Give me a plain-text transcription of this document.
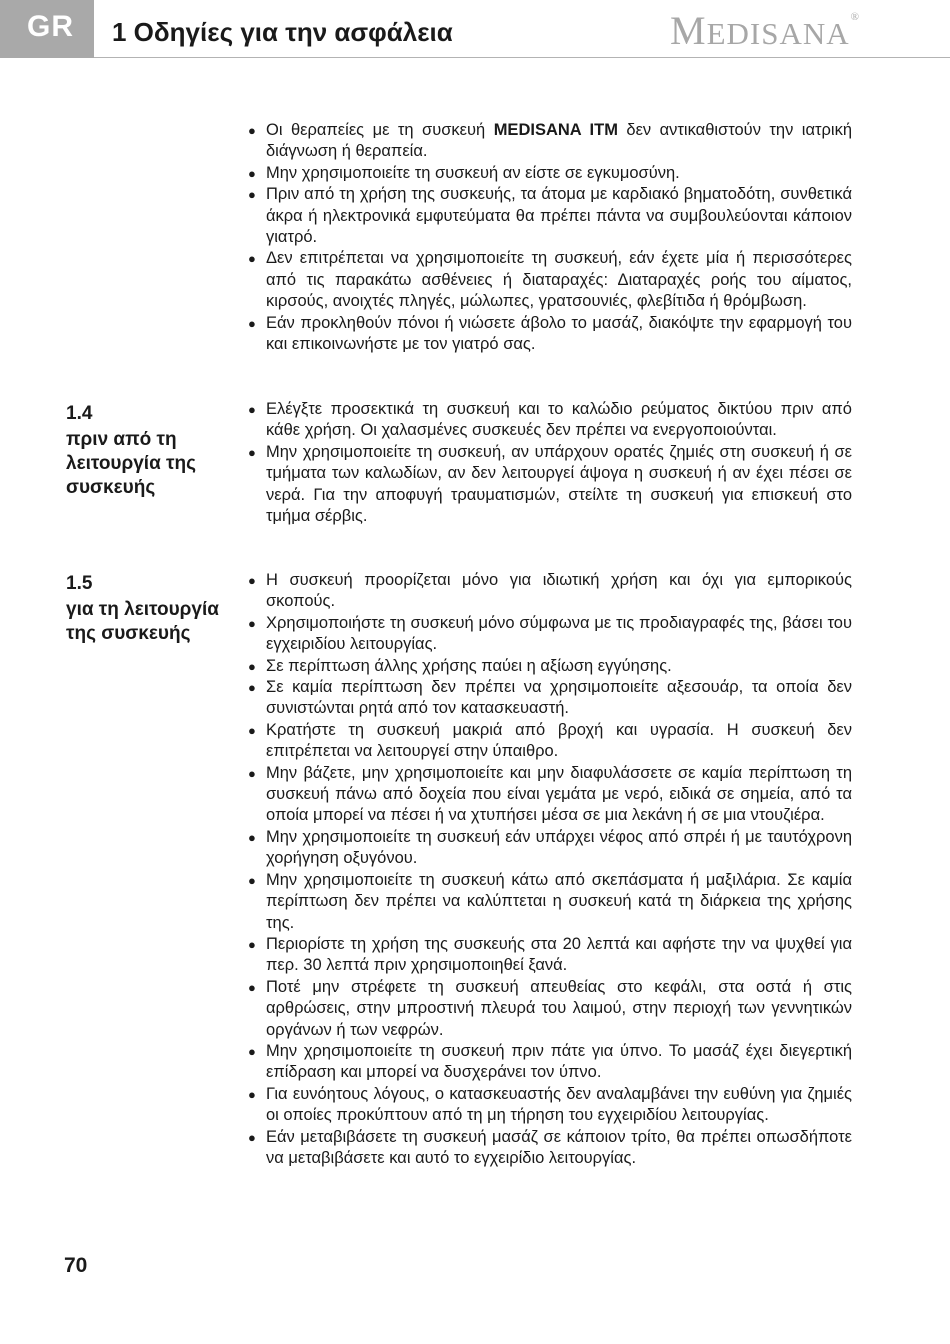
GR	1 Οδηγίες για την ασφάλεια	MEDISANA®
● Οι θεραπείες με τη συσκευή MEDISANA ITM δεν αντικαθιστούν την ιατρική διάγνωση ή θεραπεία.
● Μην χρησιμοποιείτε τη συσκευή αν είστε σε εγκυμοσύνη.
● Πριν από τη χρήση της συσκευής, τα άτομα με καρδιακό βηματοδότη, συνθετικά άκρα ή ηλεκτρονικά εμφυτεύματα θα πρέπει πάντα να συμβουλεύονται κάποιον γιατρό.
● Δεν επιτρέπεται να χρησιμοποιείτε τη συσκευή, εάν έχετε μία ή περισσότερες από τις παρακάτω ασθένειες ή διαταραχές: Διαταραχές ροής του αίματος, κιρσούς, ανοιχτές πληγές, μώλωπες, γρατσουνιές, φλεβίτιδα ή θρόμβωση.
● Εάν προκληθούν πόνοι ή νιώσετε άβολο το μασάζ, διακόψτε την εφαρμογή του και επικοινωνήστε με τον γιατρό σας.
1.4
πριν από τη λειτουργία της συσκευής
● Ελέγξτε προσεκτικά τη συσκευή και το καλώδιο ρεύματος δικτύου πριν από κάθε χρήση. Οι χαλασμένες συσκευές δεν πρέπει να ενεργοποιούνται.
● Μην χρησιμοποιείτε τη συσκευή, αν υπάρχουν ορατές ζημιές στη συσκευή ή σε τμήματα των καλωδίων, αν δεν λειτουργεί άψογα η συσκευή ή αν έχει πέσει σε νερά. Για την αποφυγή τραυματισμών, στείλτε τη συσκευή για επισκευή στο τμήμα σέρβις.
1.5
για τη λειτουργία της συσκευής
● Η συσκευή προορίζεται μόνο για ιδιωτική χρήση και όχι για εμπορικούς σκοπούς.
● Χρησιμοποιήστε τη συσκευή μόνο σύμφωνα με τις προδιαγραφές της, βάσει του εγχειριδίου λειτουργίας.
● Σε περίπτωση άλλης χρήσης παύει η αξίωση εγγύησης.
● Σε καμία περίπτωση δεν πρέπει να χρησιμοποιείτε αξεσουάρ, τα οποία δεν συνιστώνται ρητά από τον κατασκευαστή.
● Κρατήστε τη συσκευή μακριά από βροχή και υγρασία. Η συσκευή δεν επιτρέπεται να λειτουργεί στην ύπαιθρο.
● Μην βάζετε, μην χρησιμοποιείτε και μην διαφυλάσσετε σε καμία περίπτωση τη συσκευή πάνω από δοχεία που είναι γεμάτα με νερό, ειδικά σε σημεία, από τα οποία μπορεί να πέσει ή να χτυπήσει μέσα σε μια λεκάνη ή σε μια ντουζιέρα.
● Μην χρησιμοποιείτε τη συσκευή εάν υπάρχει νέφος από σπρέι ή με ταυτόχρονη χορήγηση οξυγόνου.
● Μην χρησιμοποιείτε τη συσκευή κάτω από σκεπάσματα ή μαξιλάρια. Σε καμία περίπτωση δεν πρέπει να καλύπτεται η συσκευή κατά τη διάρκεια της χρήσης της.
● Περιορίστε τη χρήση της συσκευής στα 20 λεπτά και αφήστε την να ψυχθεί για περ. 30 λεπτά πριν χρησιμοποιηθεί ξανά.
● Ποτέ μην στρέφετε τη συσκευή απευθείας στο κεφάλι, στα οστά ή στις αρθρώσεις, στην μπροστινή πλευρά του λαιμού, στην περιοχή των γεννητικών οργάνων ή των νεφρών.
● Μην χρησιμοποιείτε τη συσκευή πριν πάτε για ύπνο. Το μασάζ έχει διεγερτική επίδραση και μπορεί να δυσχεράνει τον ύπνο.
● Για ευνόητους λόγους, ο κατασκευαστής δεν αναλαμβάνει την ευθύνη για ζημιές οι οποίες προκύπτουν από τη μη τήρηση του εγχειριδίου λειτουργίας.
● Εάν μεταβιβάσετε τη συσκευή μασάζ σε κάποιον τρίτο, θα πρέπει οπωσδήποτε να μεταβιβάσετε και αυτό το εγχειρίδιο λειτουργίας.
70
